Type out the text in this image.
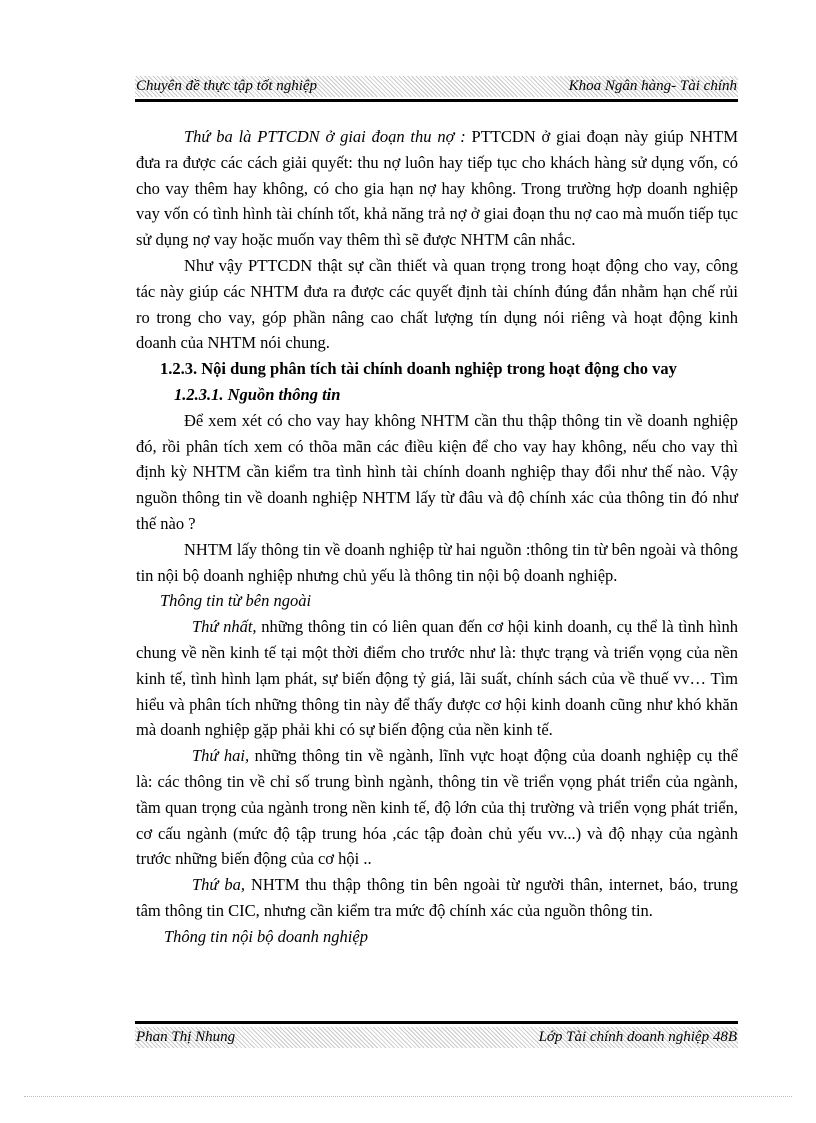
Chuyên đề thực tập tốt nghiệp	Khoa Ngân hàng- Tài chính

Thứ ba là PTTCDN ở giai đoạn thu nợ : PTTCDN ở giai đoạn này giúp NHTM đưa ra được các cách giải quyết: thu nợ luôn hay tiếp tục cho khách hàng sử dụng vốn, có cho vay thêm hay không, có cho gia hạn nợ hay không. Trong trường hợp doanh nghiệp vay vốn có tình hình tài chính tốt, khả năng trả nợ ở giai đoạn thu nợ cao mà muốn tiếp tục sử dụng nợ vay hoặc muốn vay thêm thì sẽ được NHTM cân nhắc.

Như vậy PTTCDN thật sự cần thiết và quan trọng trong hoạt động cho vay, công tác này giúp các NHTM đưa ra được các quyết định tài chính đúng đắn nhằm hạn chế rủi ro trong cho vay, góp phần nâng cao chất lượng tín dụng nói riêng và hoạt động kinh doanh của NHTM nói chung.

1.2.3. Nội dung phân tích tài chính doanh nghiệp trong hoạt động cho vay

1.2.3.1. Nguồn thông tin

Để xem xét có cho vay hay không NHTM cần thu thập thông tin về doanh nghiệp đó, rồi phân tích xem có thõa mãn các điều kiện để cho vay hay không, nếu cho vay thì định kỳ NHTM cần kiểm tra tình hình tài chính doanh nghiệp thay đổi như thế nào. Vậy nguồn thông tin về doanh nghiệp NHTM lấy từ đâu và độ chính xác của thông tin đó như thế nào ?

NHTM lấy thông tin về doanh nghiệp từ hai nguồn :thông tin từ bên ngoài và thông tin nội bộ doanh nghiệp nhưng chủ yếu là thông tin nội bộ doanh nghiệp.

Thông tin từ bên ngoài

Thứ nhất, những thông tin có liên quan đến cơ hội kinh doanh, cụ thể là tình hình chung về nền kinh tế tại một thời điểm cho trước như là: thực trạng và triển vọng của nền kinh tế, tình hình lạm phát, sự biến động tỷ giá, lãi suất, chính sách của về thuế vv… Tìm hiểu và phân tích những thông tin này để thấy được cơ hội kinh doanh cũng như khó khăn mà doanh nghiệp gặp phải khi có sự biến động của nền kinh tế.

Thứ hai, những thông tin về ngành, lĩnh vực hoạt động của doanh nghiệp cụ thể là: các thông tin về chỉ số trung bình ngành, thông tin về triển vọng phát triển của ngành, tầm quan trọng của ngành trong nền kinh tế, độ lớn của thị trường và triển vọng phát triển, cơ cấu ngành (mức độ tập trung hóa ,các tập đoàn chủ yếu vv...) và độ nhạy của ngành trước những biến động của cơ hội ..

Thứ ba, NHTM thu thập thông tin bên ngoài từ người thân, internet, báo, trung tâm thông tin CIC, nhưng cần kiểm tra mức độ chính xác của nguồn thông tin.

Thông tin nội bộ doanh nghiệp

Phan Thị Nhung	Lớp Tài chính doanh nghiệp 48B
